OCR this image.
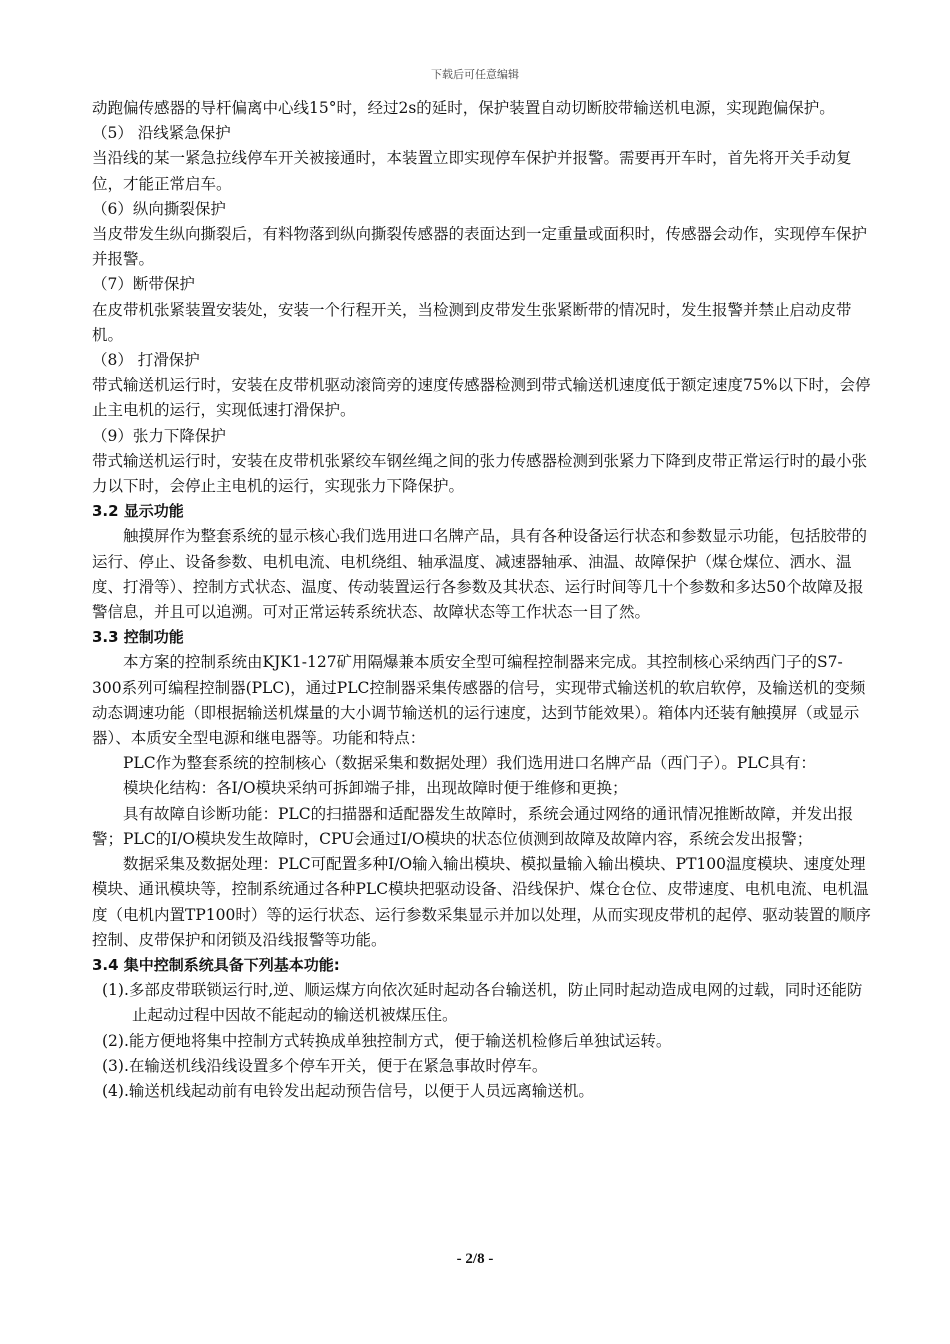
下载后可任意编辑

动跑偏传感器的导杆偏离中心线15°时，经过2s的延时，保护装置自动切断胶带输送机电源，实现跑偏保护。

（5） 沿线紧急保护

当沿线的某一紧急拉线停车开关被接通时，本装置立即实现停车保护并报警。需要再开车时，首先将开关手动复位，才能正常启车。

（6）纵向撕裂保护

当皮带发生纵向撕裂后，有料物落到纵向撕裂传感器的表面达到一定重量或面积时，传感器会动作，实现停车保护并报警。

（7）断带保护

在皮带机张紧装置安装处，安装一个行程开关，当检测到皮带发生张紧断带的情况时，发生报警并禁止启动皮带机。

（8） 打滑保护

带式输送机运行时，安装在皮带机驱动滚筒旁的速度传感器检测到带式输送机速度低于额定速度75%以下时，会停止主电机的运行，实现低速打滑保护。

（9）张力下降保护

带式输送机运行时，安装在皮带机张紧绞车钢丝绳之间的张力传感器检测到张紧力下降到皮带正常运行时的最小张力以下时，会停止主电机的运行，实现张力下降保护。

3.2 显示功能

触摸屏作为整套系统的显示核心我们选用进口名牌产品，具有各种设备运行状态和参数显示功能，包括胶带的运行、停止、设备参数、电机电流、电机绕组、轴承温度、减速器轴承、油温、故障保护（煤仓煤位、洒水、温度、打滑等）、控制方式状态、温度、传动装置运行各参数及其状态、运行时间等几十个参数和多达50个故障及报警信息，并且可以追溯。可对正常运转系统状态、故障状态等工作状态一目了然。

3.3 控制功能

本方案的控制系统由KJK1-127矿用隔爆兼本质安全型可编程控制器来完成。其控制核心采纳西门子的S7-300系列可编程控制器(PLC)，通过PLC控制器采集传感器的信号，实现带式输送机的软启软停，及输送机的变频动态调速功能（即根据输送机煤量的大小调节输送机的运行速度，达到节能效果）。箱体内还装有触摸屏（或显示器）、本质安全型电源和继电器等。功能和特点：

PLC作为整套系统的控制核心（数据采集和数据处理）我们选用进口名牌产品（西门子）。PLC具有：

模块化结构：各I/O模块采纳可拆卸端子排，出现故障时便于维修和更换；

具有故障自诊断功能：PLC的扫描器和适配器发生故障时，系统会通过网络的通讯情况推断故障，并发出报警；PLC的I/O模块发生故障时，CPU会通过I/O模块的状态位侦测到故障及故障内容，系统会发出报警；

数据采集及数据处理：PLC可配置多种I/O输入输出模块、模拟量输入输出模块、PT100温度模块、速度处理模块、通讯模块等，控制系统通过各种PLC模块把驱动设备、沿线保护、煤仓仓位、皮带速度、电机电流、电机温度（电机内置TP100时）等的运行状态、运行参数采集显示并加以处理，从而实现皮带机的起停、驱动装置的顺序控制、皮带保护和闭锁及沿线报警等功能。

3.4 集中控制系统具备下列基本功能:

(1).多部皮带联锁运行时,逆、顺运煤方向依次延时起动各台输送机，防止同时起动造成电网的过载，同时还能防止起动过程中因故不能起动的输送机被煤压住。

(2).能方便地将集中控制方式转换成单独控制方式，便于输送机检修后单独试运转。

(3).在输送机线沿线设置多个停车开关，便于在紧急事故时停车。

(4).输送机线起动前有电铃发出起动预告信号，以便于人员远离输送机。

- 2/8 -
